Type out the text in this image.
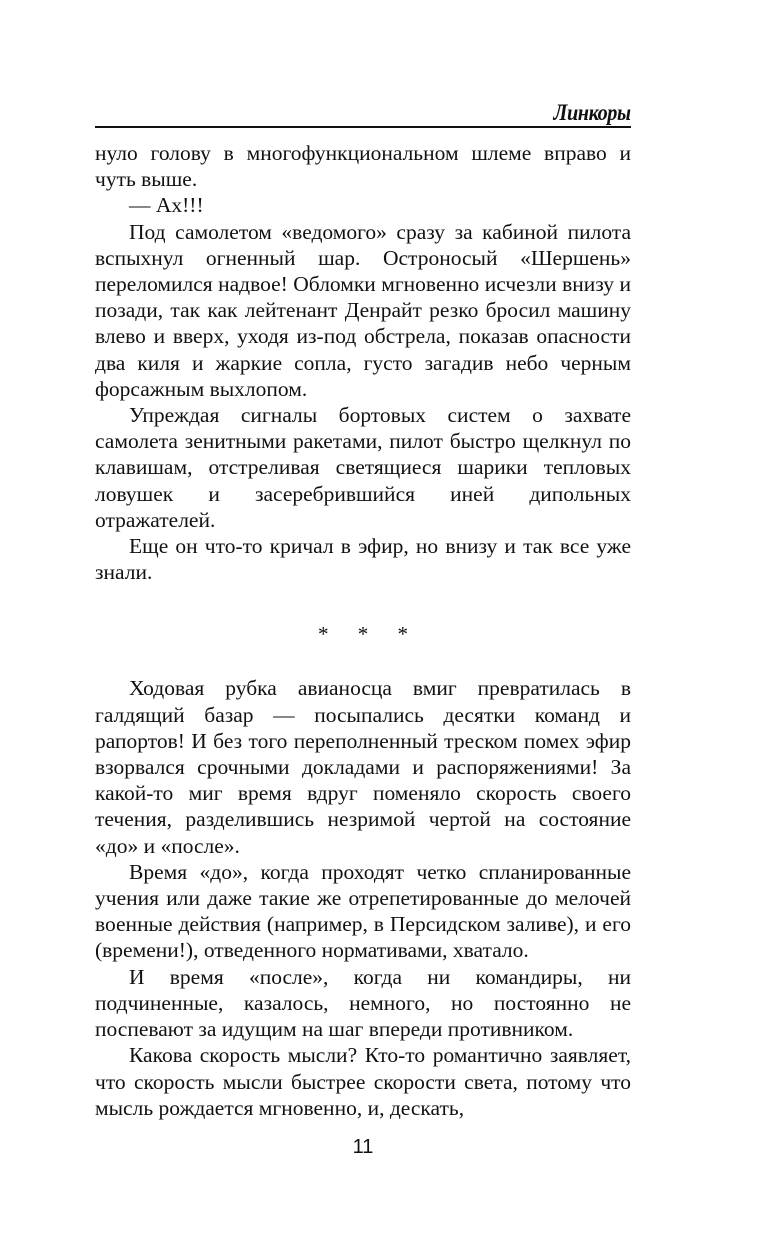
Линкоры

нуло голову в многофункциональном шлеме вправо и чуть выше.

— Ах!!!

Под самолетом «ведомого» сразу за кабиной пилота вспыхнул огненный шар. Остроносый «Шершень» переломился надвое! Обломки мгновенно исчезли внизу и позади, так как лейтенант Денрайт резко бросил машину влево и вверх, уходя из-под обстрела, показав опасности два киля и жаркие сопла, густо загадив небо черным форсажным выхлопом.

Упреждая сигналы бортовых систем о захвате самолета зенитными ракетами, пилот быстро щелкнул по клавишам, отстреливая светящиеся шарики тепловых ловушек и засеребрившийся иней дипольных отражателей.

Еще он что-то кричал в эфир, но внизу и так все уже знали.

* * *

Ходовая рубка авианосца вмиг превратилась в галдящий базар — посыпались десятки команд и рапортов! И без того переполненный треском помех эфир взорвался срочными докладами и распоряжениями! За какой-то миг время вдруг поменяло скорость своего течения, разделившись незримой чертой на состояние «до» и «после».

Время «до», когда проходят четко спланированные учения или даже такие же отрепетированные до мелочей военные действия (например, в Персидском заливе), и его (времени!), отведенного нормативами, хватало.

И время «после», когда ни командиры, ни подчиненные, казалось, немного, но постоянно не поспевают за идущим на шаг впереди противником.

Какова скорость мысли? Кто-то романтично заявляет, что скорость мысли быстрее скорости света, потому что мысль рождается мгновенно, и, дескать,

11
